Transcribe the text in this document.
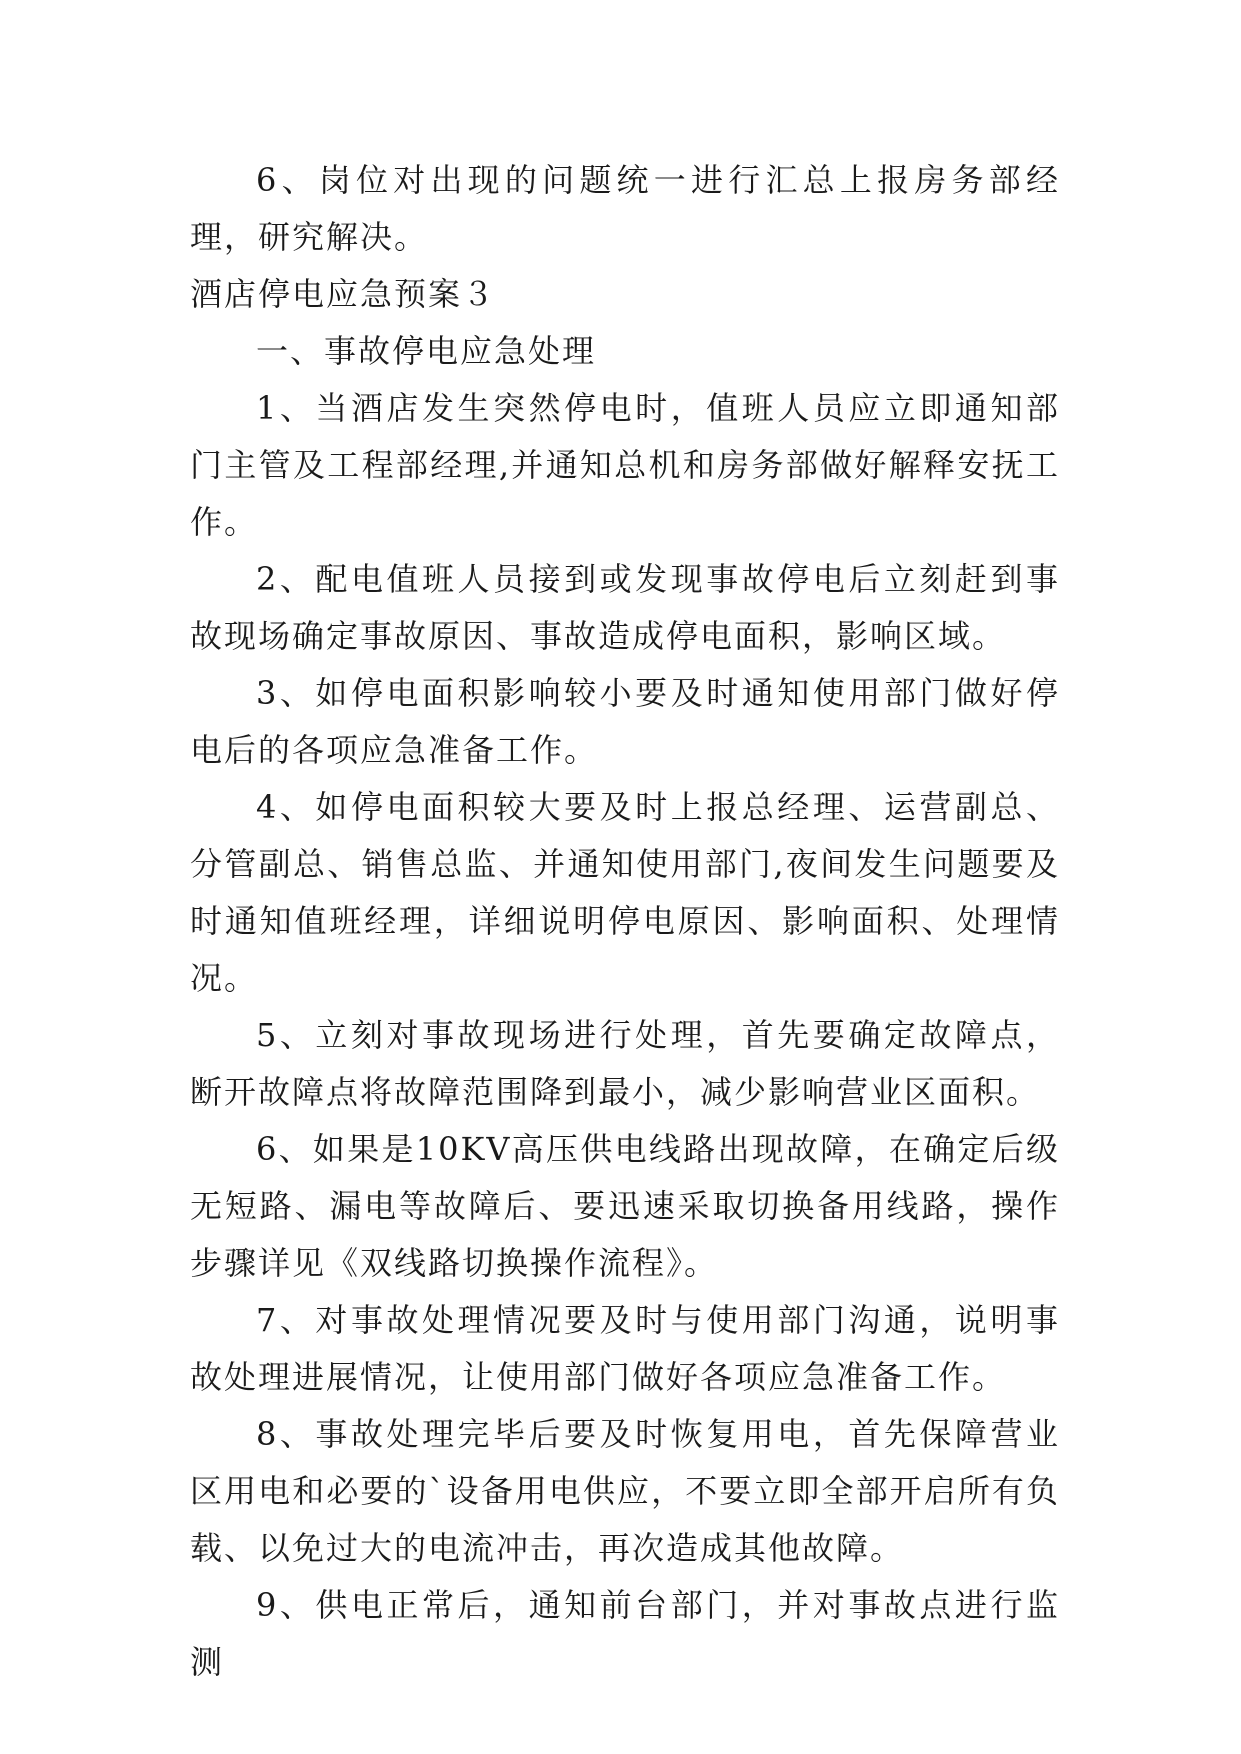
6、岗位对出现的问题统一进行汇总上报房务部经理，研究解决。

酒店停电应急预案３

一、事故停电应急处理

1、当酒店发生突然停电时，值班人员应立即通知部门主管及工程部经理,并通知总机和房务部做好解释安抚工作。

2、配电值班人员接到或发现事故停电后立刻赶到事故现场确定事故原因、事故造成停电面积，影响区域。

3、如停电面积影响较小要及时通知使用部门做好停电后的各项应急准备工作。

4、如停电面积较大要及时上报总经理、运营副总、分管副总、销售总监、并通知使用部门,夜间发生问题要及时通知值班经理，详细说明停电原因、影响面积、处理情况。

5、立刻对事故现场进行处理，首先要确定故障点，断开故障点将故障范围降到最小，减少影响营业区面积。

6、如果是10KV高压供电线路出现故障，在确定后级无短路、漏电等故障后、要迅速采取切换备用线路，操作步骤详见《双线路切换操作流程》。

7、对事故处理情况要及时与使用部门沟通，说明事故处理进展情况，让使用部门做好各项应急准备工作。

8、事故处理完毕后要及时恢复用电，首先保障营业区用电和必要的`设备用电供应，不要立即全部开启所有负载、以免过大的电流冲击，再次造成其他故障。

9、供电正常后，通知前台部门，并对事故点进行监测
